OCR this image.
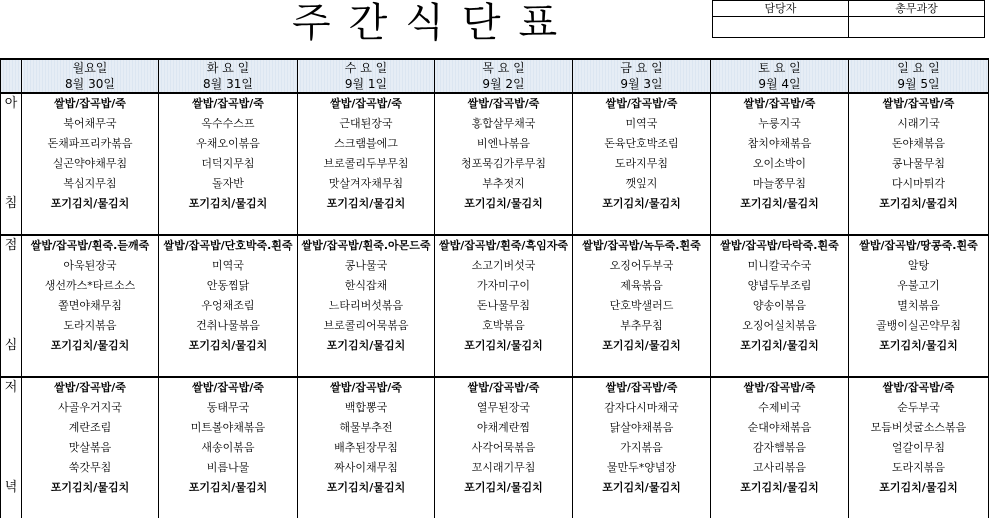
주간식단표	담당자	총무과장

	월요일	화 요 일	수 요 일	목 요 일	금 요 일	토 요 일	일 요 일
	8월 30일	8월 31일	9월 1일	9월 2일	9월 3일	9월 4일	9월 5일
아	쌀밥/잡곡밥/죽	쌀밥/잡곡밥/죽	쌀밥/잡곡밥/죽	쌀밥/잡곡밥/죽	쌀밥/잡곡밥/죽	쌀밥/잡곡밥/죽	쌀밥/잡곡밥/죽
	북어채무국	옥수수스프	근대된장국	홍합살무채국	미역국	누룽지국	시래기국
	돈채파프리카볶음	우채오이볶음	스크램블에그	비엔나볶음	돈육단호박조림	참치야채볶음	돈야채볶음
	실곤약야채무침	더덕지무침	브로콜리두부무침	청포묵김가루무침	도라지무침	오이소박이	콩나물무침
	복심지무침	돌자반	맛살겨자채무침	부추젓지	깻잎지	마늘쫑무침	다시마튀각
침	포기김치/물김치	포기김치/물김치	포기김치/물김치	포기김치/물김치	포기김치/물김치	포기김치/물김치	포기김치/물김치

점	쌀밥/잡곡밥/흰죽.듣깨죽	쌀밥/잡곡밥/단호박죽.흰죽	쌀밥/잡곡밥/흰죽.아몬드죽	쌀밥/잡곡밥/흰죽/흑임자죽	쌀밥/잡곡밥/녹두죽.흰죽	쌀밥/잡곡밥/타락죽.흰죽	쌀밥/잡곡밥/땅콩죽.흰죽
	아욱된장국	미역국	콩나물국	소고기버섯국	오징어두부국	미니칼국수국	알탕
	생선까스*타르소스	안동찜닭	한식잡채	가자미구이	제육볶음	양념두부조림	우불고기
	쫄면야채무침	우엉채조림	느타리버섯볶음	돈나물무침	단호박샐러드	양송이볶음	멸치볶음
	도라지볶음	건취나물볶음	브로콜리어묵볶음	호박볶음	부추무침	오징어실치볶음	골뱅이실곤약무침
심	포기김치/물김치	포기김치/물김치	포기김치/물김치	포기김치/물김치	포기김치/물김치	포기김치/물김치	포기김치/물김치

저	쌀밥/잡곡밥/죽	쌀밥/잡곡밥/죽	쌀밥/잡곡밥/죽	쌀밥/잡곡밥/죽	쌀밥/잡곡밥/죽	쌀밥/잡곡밥/죽	쌀밥/잡곡밥/죽
	사골우거지국	동태무국	백합뽕국	열무된장국	감자다시마채국	수제비국	순두부국
	계란조림	미트볼야채볶음	해물부추전	야채계란찜	닭살야채볶음	순대야채볶음	모듬버섯굴소스볶음
	맛살볶음	새송이볶음	배추된장무침	사각어묵볶음	가지볶음	감자햄볶음	얼갈이무침
	쑥갓무침	비름나물	짜사이채무침	꼬시래기무침	물만두*양념장	고사리볶음	도라지볶음
녁	포기김치/물김치	포기김치/물김치	포기김치/물김치	포기김치/물김치	포기김치/물김치	포기김치/물김치	포기김치/물김치
